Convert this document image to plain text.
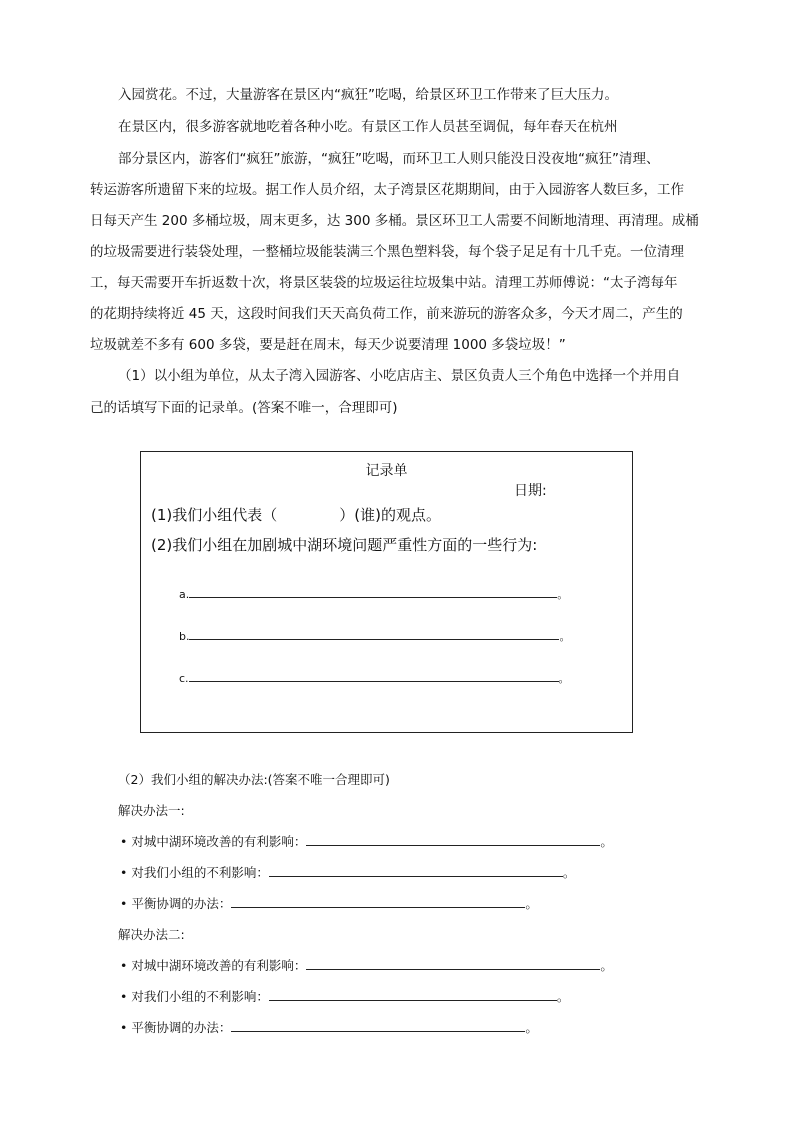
入园赏花。不过，大量游客在景区内“疯狂”吃喝，给景区环卫工作带来了巨大压力。
在景区内，很多游客就地吃着各种小吃。有景区工作人员甚至调侃，每年春天在杭州
部分景区内，游客们“疯狂”旅游，“疯狂”吃喝，而环卫工人则只能没日没夜地“疯狂”清理、
转运游客所遗留下来的垃圾。据工作人员介绍，太子湾景区花期期间，由于入园游客人数巨多，工作
日每天产生 200 多桶垃圾，周末更多，达 300 多桶。景区环卫工人需要不间断地清理、再清理。成桶
的垃圾需要进行装袋处理，一整桶垃圾能装满三个黑色塑料袋，每个袋子足足有十几千克。一位清理
工，每天需要开车折返数十次，将景区装袋的垃圾运往垃圾集中站。清理工苏师傅说：“太子湾每年
的花期持续将近 45 天，这段时间我们天天高负荷工作，前来游玩的游客众多，今天才周二，产生的
垃圾就差不多有 600 多袋，要是赶在周末，每天少说要清理 1000 多袋垃圾！”
（1）以小组为单位，从太子湾入园游客、小吃店店主、景区负责人三个角色中选择一个并用自
己的话填写下面的记录单。(答案不唯一，合理即可)
记录单
日期:
(1)我们小组代表（	）(谁)的观点。
(2)我们小组在加剧城中湖环境问题严重性方面的一些行为:
a.	。
b.	。
c.	。
（2）我们小组的解决办法:(答案不唯一合理即可)
解决办法一:
• 对城中湖环境改善的有利影响：	。
• 对我们小组的不利影响：	。
• 平衡协调的办法：	。
解决办法二:
• 对城中湖环境改善的有利影响：	。
• 对我们小组的不利影响：	。
• 平衡协调的办法：	。
